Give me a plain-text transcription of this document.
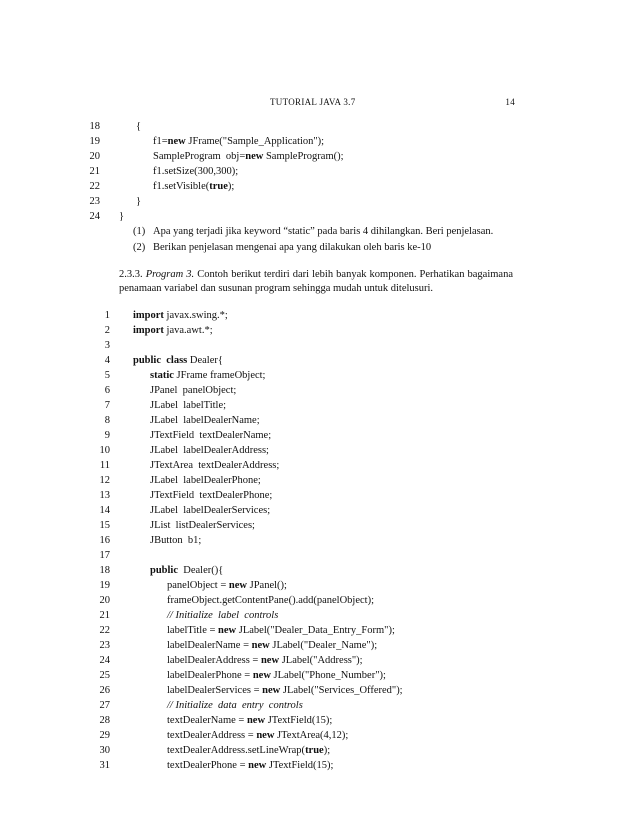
TUTORIAL JAVA 3.7	14
18	{
19	f1=new JFrame("Sample_Application");
20	SampleProgram  obj=new SampleProgram();
21	f1.setSize(300,300);
22	f1.setVisible(true);
23	}
24 }
(1) Apa yang terjadi jika keyword “static” pada baris 4 dihilangkan. Beri penjelasan.
(2) Berikan penjelasan mengenai apa yang dilakukan oleh baris ke-10
2.3.3. Program 3. Contoh berikut terdiri dari lebih banyak komponen. Perhatikan bagaimana penamaan variabel dan susunan program sehingga mudah untuk ditelusuri.
1 import javax.swing.*;
2 import java.awt.*;
3
4 public class Dealer{
5	static JFrame frameObject;
6	JPanel  panelObject;
7	JLabel  labelTitle;
8	JLabel  labelDealerName;
9	JTextField  textDealerName;
10	JLabel  labelDealerAddress;
11	JTextArea  textDealerAddress;
12	JLabel  labelDealerPhone;
13	JTextField  textDealerPhone;
14	JLabel  labelDealerServices;
15	JList  listDealerServices;
16	JButton  b1;
17
18	public  Dealer(){
19	panelObject = new JPanel();
20	frameObject.getContentPane().add(panelObject);
21	// Initialize  label  controls
22	labelTitle = new JLabel("Dealer_Data_Entry_Form");
23	labelDealerName = new JLabel("Dealer_Name");
24	labelDealerAddress = new JLabel("Address");
25	labelDealerPhone = new JLabel("Phone_Number");
26	labelDealerServices = new JLabel("Services_Offered");
27	// Initialize  data  entry  controls
28	textDealerName = new JTextField(15);
29	textDealerAddress = new JTextArea(4,12);
30	textDealerAddress.setLineWrap(true);
31	textDealerPhone = new JTextField(15);
